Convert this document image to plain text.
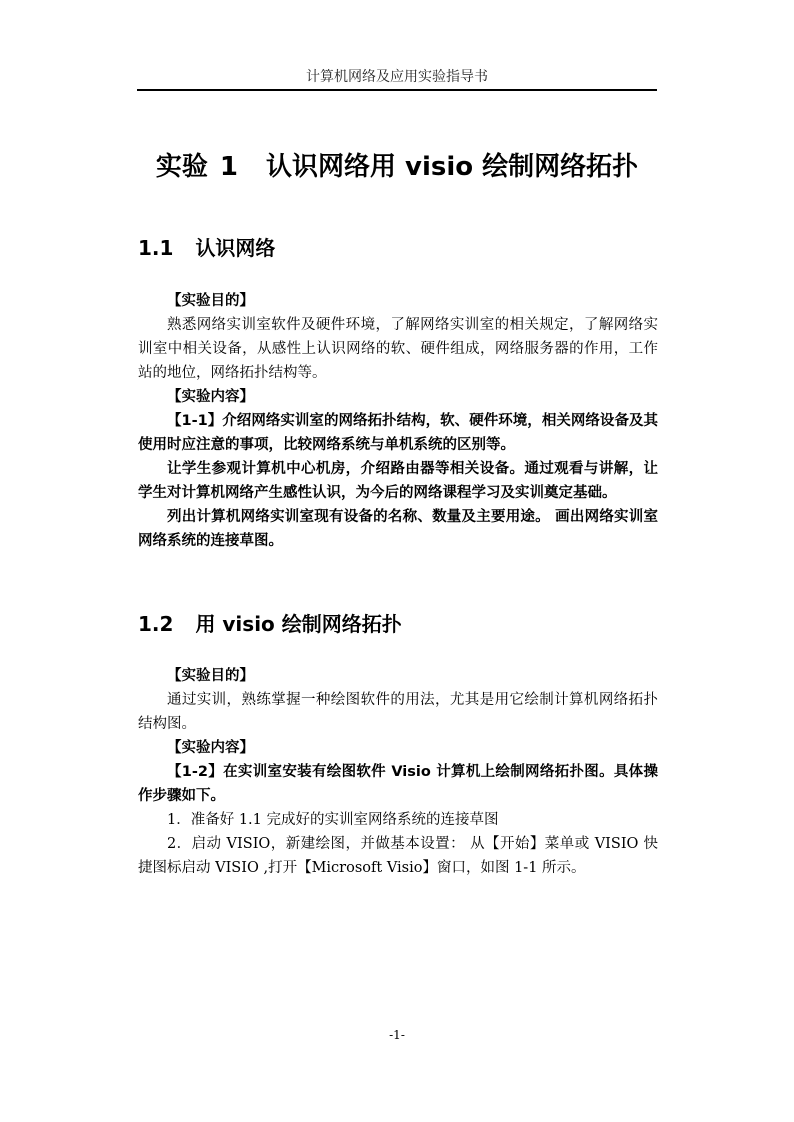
计算机网络及应用实验指导书
实验 1 认识网络用 visio 绘制网络拓扑
1.1 认识网络

【实验目的】

熟悉网络实训室软件及硬件环境，了解网络实训室的相关规定，了解网络实训室中相关设备，从感性上认识网络的软、硬件组成，网络服务器的作用，工作站的地位，网络拓扑结构等。

【实验内容】

【1-1】介绍网络实训室的网络拓扑结构，软、硬件环境，相关网络设备及其使用时应注意的事项，比较网络系统与单机系统的区别等。

让学生参观计算机中心机房，介绍路由器等相关设备。通过观看与讲解，让学生对计算机网络产生感性认识，为今后的网络课程学习及实训奠定基础。

列出计算机网络实训室现有设备的名称、数量及主要用途。 画出网络实训室网络系统的连接草图。

1.2 用 visio 绘制网络拓扑

【实验目的】

通过实训，熟练掌握一种绘图软件的用法，尤其是用它绘制计算机网络拓扑结构图。

【实验内容】

【1-2】在实训室安装有绘图软件 Visio 计算机上绘制网络拓扑图。具体操作步骤如下。

1．准备好 1.1 完成好的实训室网络系统的连接草图

2．启动 VISIO，新建绘图，并做基本设置： 从【开始】菜单或 VISIO 快捷图标启动 VISIO ,打开【Microsoft Visio】窗口，如图 1-1 所示。

-1-
